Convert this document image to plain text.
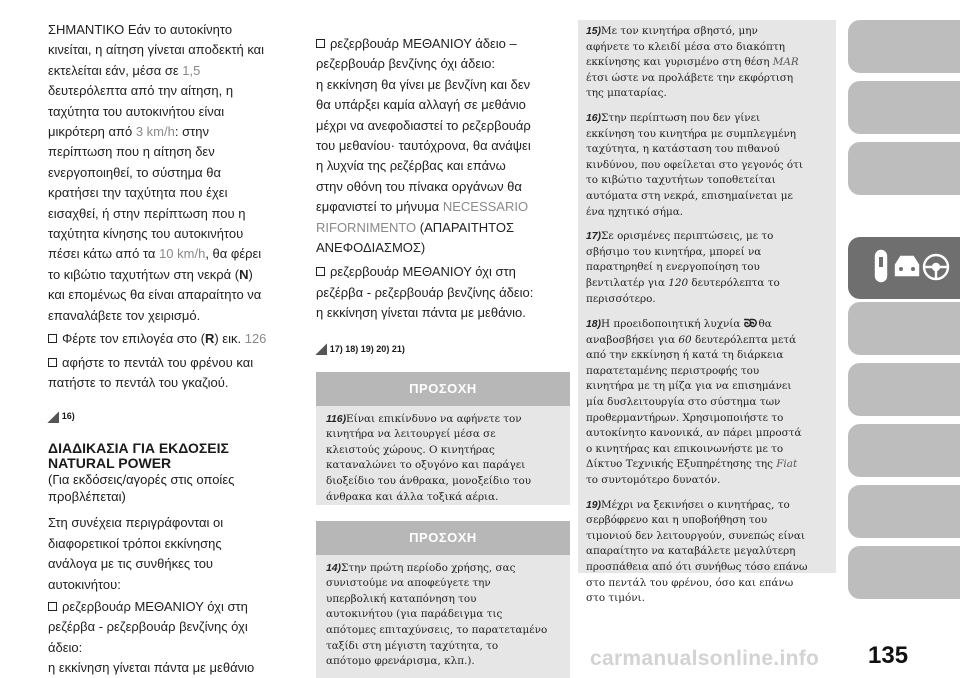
ΣΗΜΑΝΤΙΚΟ Εάν το αυτοκίνητο
κινείται, η αίτηση γίνεται αποδεκτή και
εκτελείται εάν, μέσα σε 1,5
δευτερόλεπτα από την αίτηση, η
ταχύτητα του αυτοκινήτου είναι
μικρότερη από 3 km/h: στην
περίπτωση που η αίτηση δεν
ενεργοποιηθεί, το σύστημα θα
κρατήσει την ταχύτητα που έχει
εισαχθεί, ή στην περίπτωση που η
ταχύτητα κίνησης του αυτοκινήτου
πέσει κάτω από τα 10 km/h, θα φέρει
το κιβώτιο ταχυτήτων στη νεκρά (N)
και επομένως θα είναι απαραίτητο να
επαναλάβετε τον χειρισμό.
Φέρτε τον επιλογέα στο (R) εικ. 126
αφήστε το πεντάλ του φρένου και
πατήστε το πεντάλ του γκαζιού.
◢ 16)
ΔΙΑΔΙΚΑΣΙΑ ΓΙΑ ΕΚΔΟΣΕΙΣ
NATURAL POWER
(Για εκδόσεις/αγορές στις οποίες
προβλέπεται)
Στη συνέχεια περιγράφονται οι
διαφορετικοί τρόποι εκκίνησης
ανάλογα με τις συνθήκες του
αυτοκινήτου:
ρεζερβουάρ ΜΕΘΑΝΙΟΥ όχι στη
ρεζέρβα - ρεζερβουάρ βενζίνης όχι
άδειο:
η εκκίνηση γίνεται πάντα με μεθάνιο
ρεζερβουάρ ΜΕΘΑΝΙΟΥ άδειο –
ρεζερβουάρ βενζίνης όχι άδειο:
η εκκίνηση θα γίνει με βενζίνη και δεν
θα υπάρξει καμία αλλαγή σε μεθάνιο
μέχρι να ανεφοδιαστεί το ρεζερβουάρ
του μεθανίου· ταυτόχρονα, θα ανάψει
η λυχνία της ρεζέρβας και επάνω
στην οθόνη του πίνακα οργάνων θα
εμφανιστεί το μήνυμα NECESSARIO
RIFORNIMENTO (ΑΠΑΡΑΙΤΗΤΟΣ
ΑΝΕΦΟΔΙΑΣΜΟΣ)
ρεζερβουάρ ΜΕΘΑΝΙΟΥ όχι στη
ρεζέρβα - ρεζερβουάρ βενζίνης άδειο:
η εκκίνηση γίνεται πάντα με μεθάνιο.
◢ 17) 18) 19) 20) 21)
ΠΡΟΣΟΧΗ
116)Είναι επικίνδυνο να αφήνετε τον
κινητήρα να λειτουργεί μέσα σε
κλειστούς χώρους. Ο κινητήρας
καταναλώνει το οξυγόνο και παράγει
διοξείδιο του άνθρακα, μονοξείδιο του
άνθρακα και άλλα τοξικά αέρια.
ΠΡΟΣΟΧΗ
14)Στην πρώτη περίοδο χρήσης, σας
συνιστούμε να αποφεύγετε την
υπερβολική καταπόνηση του
αυτοκινήτου (για παράδειγμα τις
απότομες επιταχύνσεις, το παρατεταμένο
ταξίδι στη μέγιστη ταχύτητα, το
απότομο φρενάρισμα, κλπ.).

15)Με τον κινητήρα σβηστό, μην
αφήνετε το κλειδί μέσα στο διακόπτη
εκκίνησης και γυρισμένο στη θέση MAR
έτσι ώστε να προλάβετε την εκφόρτιση
της μπαταρίας.

16)Στην περίπτωση που δεν γίνει
εκκίνηση του κινητήρα με συμπλεγμένη
ταχύτητα, η κατάσταση του πιθανού
κινδύνου, που οφείλεται στο γεγονός ότι
το κιβώτιο ταχυτήτων τοποθετείται
αυτόματα στη νεκρά, επισημαίνεται με
ένα ηχητικό σήμα.

17)Σε ορισμένες περιπτώσεις, με το
σβήσιμο του κινητήρα, μπορεί να
παρατηρηθεί η ενεργοποίηση του
βεντιλατέρ για 120 δευτερόλεπτα το
περισσότερο.

18)Η προειδοποιητική λυχνία ᘐᘐ θα
αναβοσβήσει για 60 δευτερόλεπτα μετά
από την εκκίνηση ή κατά τη διάρκεια
παρατεταμένης περιστροφής του
κινητήρα με τη μίζα για να επισημάνει
μία δυσλειτουργία στο σύστημα των
προθερμαντήρων. Χρησιμοποιήστε το
αυτοκίνητο κανονικά, αν πάρει μπροστά
ο κινητήρας και επικοινωνήστε με το
Δίκτυο Τεχνικής Εξυπηρέτησης της Fiat
το συντομότερο δυνατόν.

19)Μέχρι να ξεκινήσει ο κινητήρας, το
σερβόφρενο και η υποβοήθηση του
τιμονιού δεν λειτουργούν, συνεπώς είναι
απαραίτητο να καταβάλετε μεγαλύτερη
προσπάθεια από ότι συνήθως τόσο επάνω
στο πεντάλ του φρένου, όσο και επάνω
στο τιμόνι.

carmanualsonline.info 135
